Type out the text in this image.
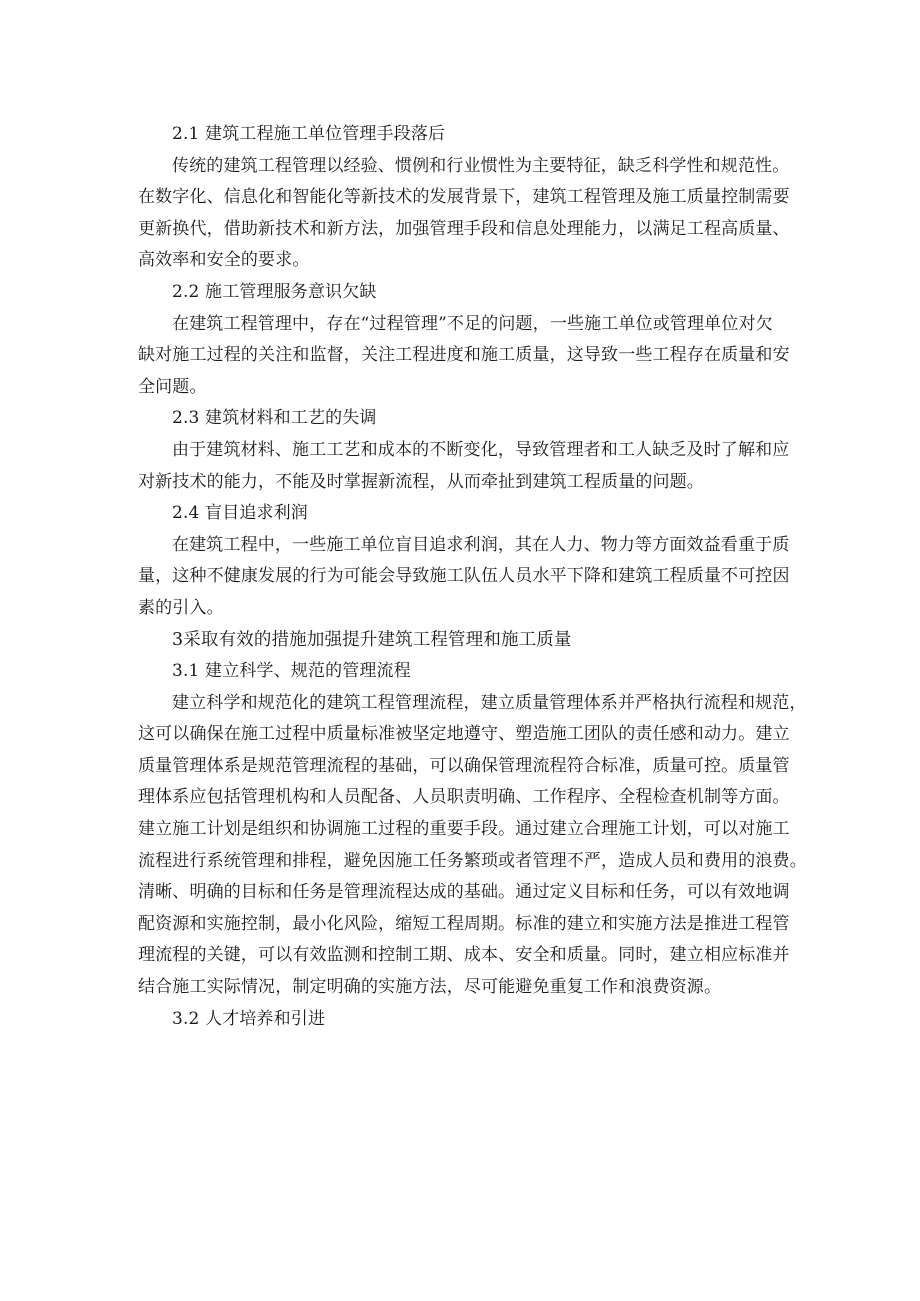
2.1 建筑工程施工单位管理手段落后
传统的建筑工程管理以经验、惯例和行业惯性为主要特征，缺乏科学性和规范性。
在数字化、信息化和智能化等新技术的发展背景下，建筑工程管理及施工质量控制需要
更新换代，借助新技术和新方法，加强管理手段和信息处理能力，以满足工程高质量、
高效率和安全的要求。
2.2 施工管理服务意识欠缺
在建筑工程管理中，存在“过程管理”不足的问题，一些施工单位或管理单位对欠
缺对施工过程的关注和监督，关注工程进度和施工质量，这导致一些工程存在质量和安
全问题。
2.3 建筑材料和工艺的失调
由于建筑材料、施工工艺和成本的不断变化，导致管理者和工人缺乏及时了解和应
对新技术的能力，不能及时掌握新流程，从而牵扯到建筑工程质量的问题。
2.4 盲目追求利润
在建筑工程中，一些施工单位盲目追求利润，其在人力、物力等方面效益看重于质
量，这种不健康发展的行为可能会导致施工队伍人员水平下降和建筑工程质量不可控因
素的引入。
3采取有效的措施加强提升建筑工程管理和施工质量
3.1 建立科学、规范的管理流程
建立科学和规范化的建筑工程管理流程，建立质量管理体系并严格执行流程和规范，
这可以确保在施工过程中质量标准被坚定地遵守、塑造施工团队的责任感和动力。建立
质量管理体系是规范管理流程的基础，可以确保管理流程符合标准，质量可控。质量管
理体系应包括管理机构和人员配备、人员职责明确、工作程序、全程检查机制等方面。
建立施工计划是组织和协调施工过程的重要手段。通过建立合理施工计划，可以对施工
流程进行系统管理和排程，避免因施工任务繁琐或者管理不严，造成人员和费用的浪费。
清晰、明确的目标和任务是管理流程达成的基础。通过定义目标和任务，可以有效地调
配资源和实施控制，最小化风险，缩短工程周期。标准的建立和实施方法是推进工程管
理流程的关键，可以有效监测和控制工期、成本、安全和质量。同时，建立相应标准并
结合施工实际情况，制定明确的实施方法，尽可能避免重复工作和浪费资源。
3.2 人才培养和引进
